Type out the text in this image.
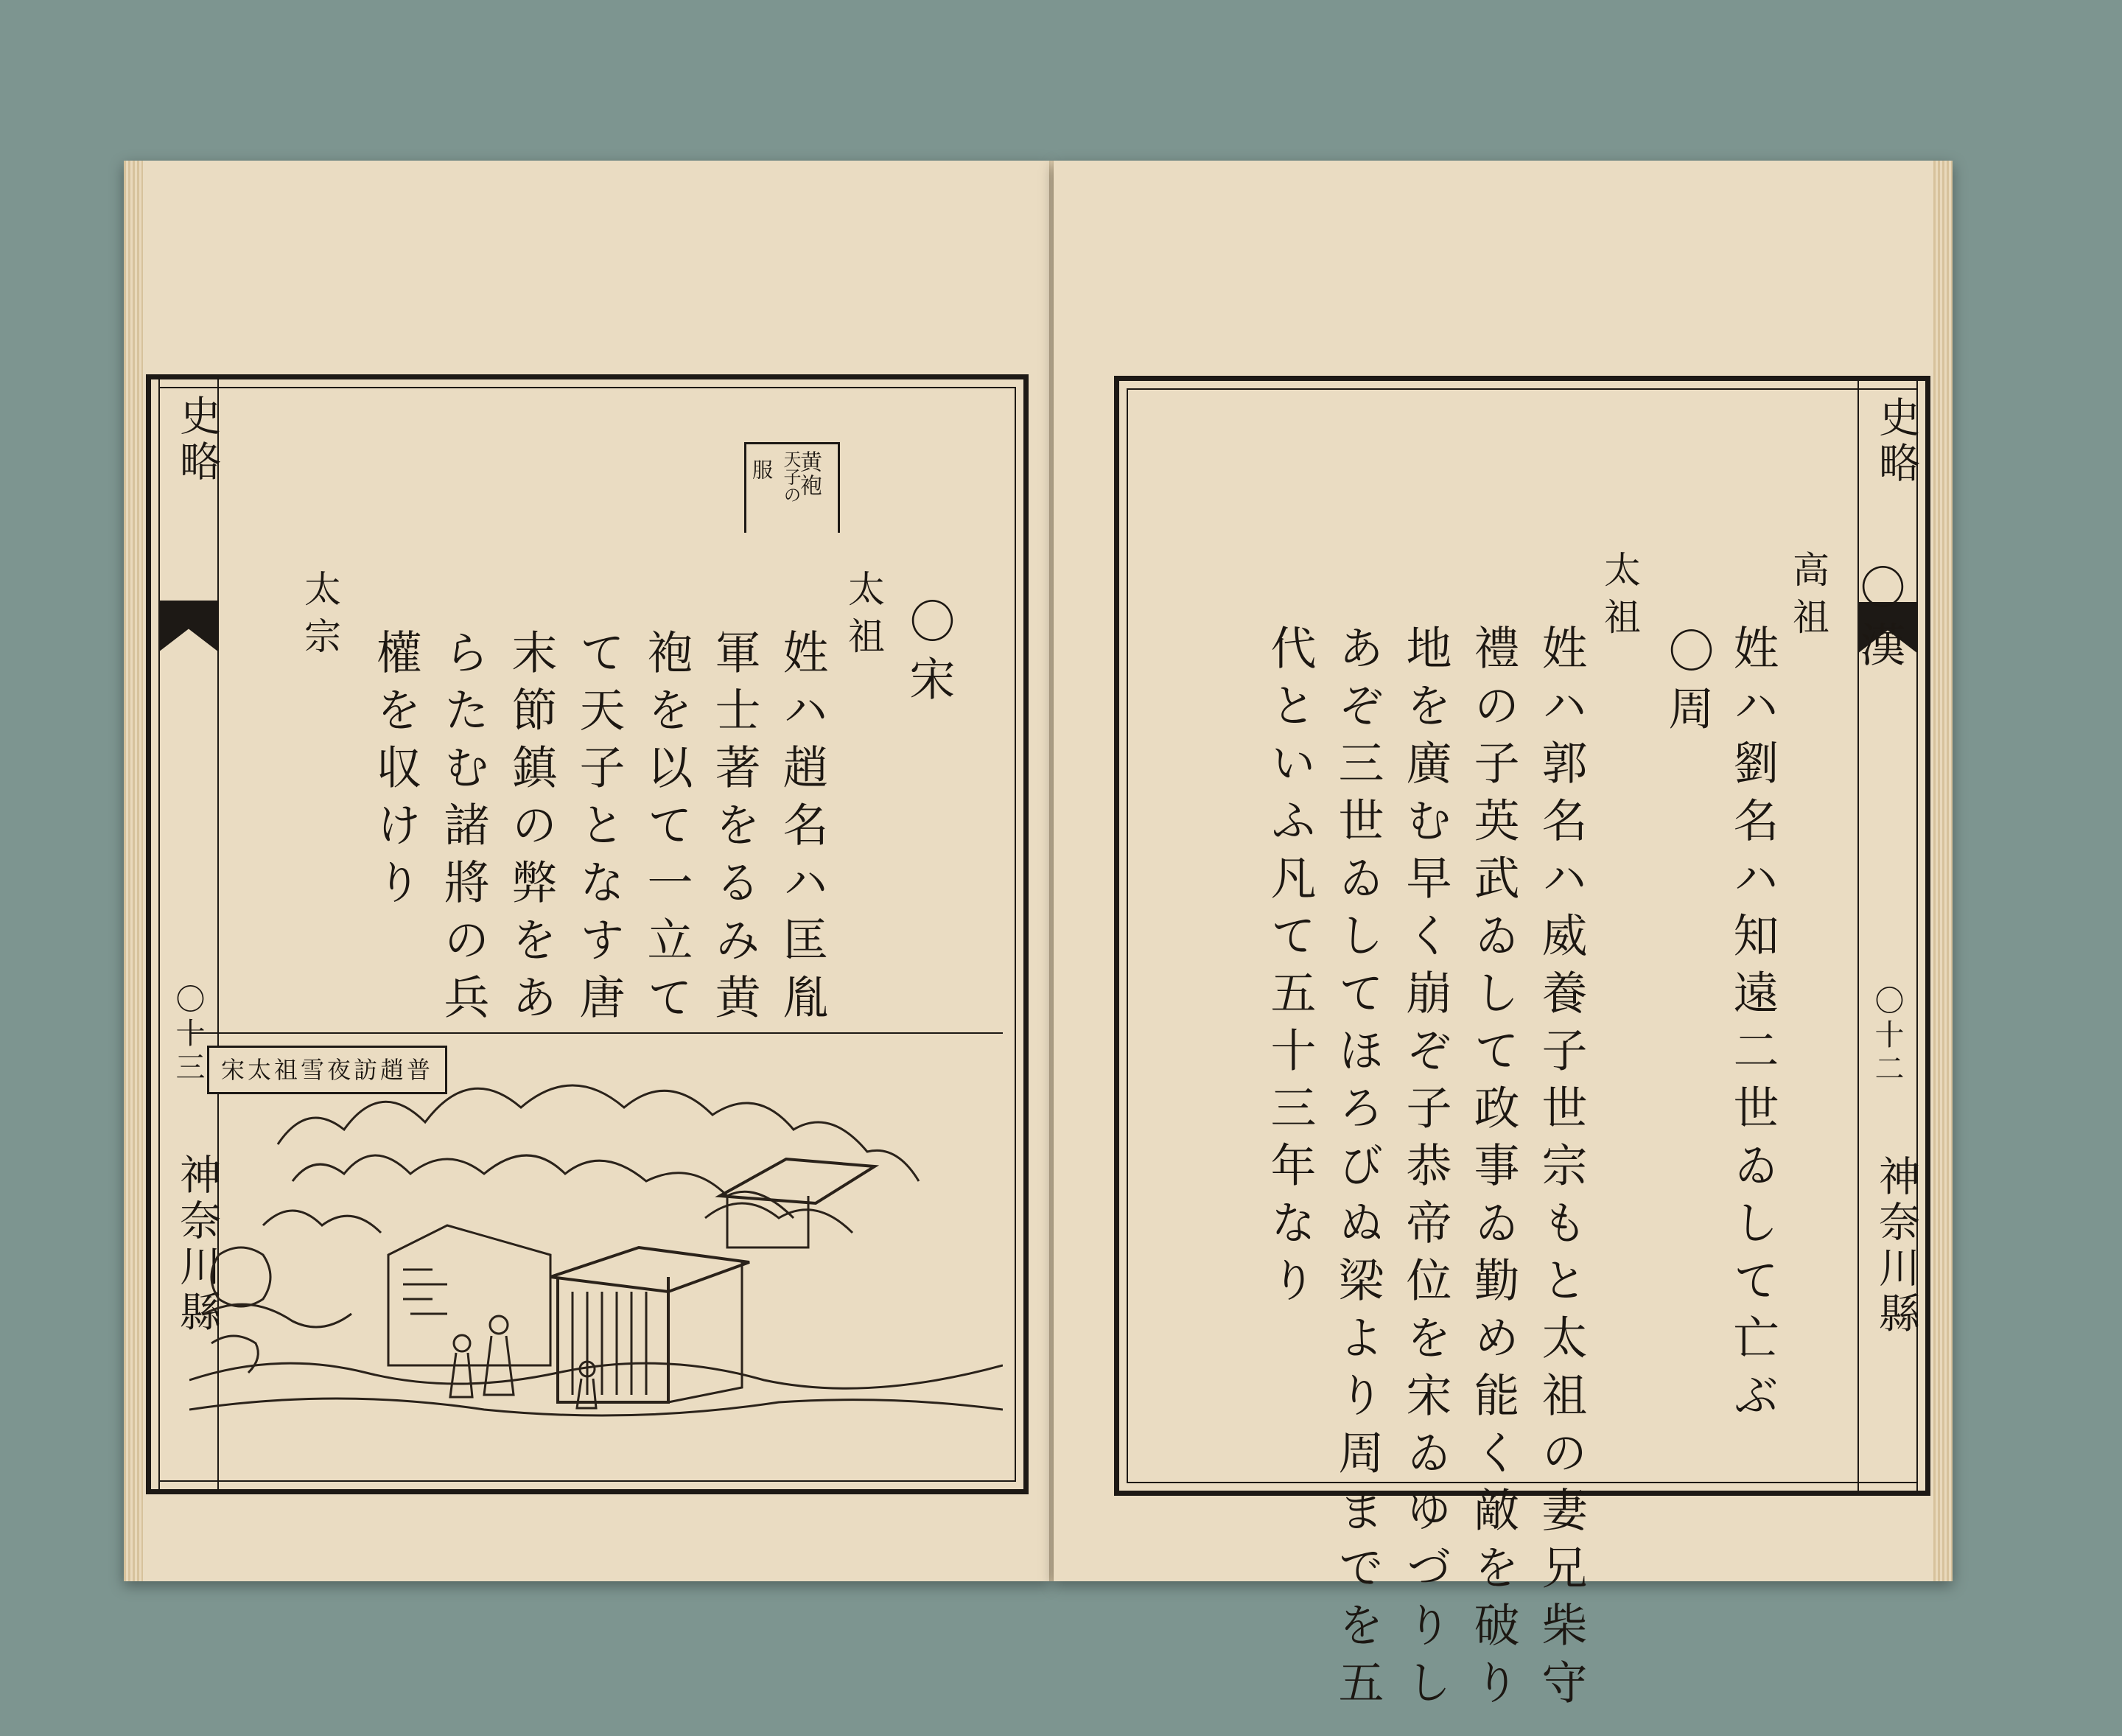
黄袍
天子の
服
史略
〇十三
神奈川縣
〇宋
太祖
姓ハ趙名ハ匡胤
軍士著をるみ黄
袍を以て一立て
て天子となす唐
末節鎮の弊をあ
らたむ諸將の兵
權を収けり
太宗
宋太祖雪夜訪趙普
史略
〇十二
神奈川縣
〇漢
高祖
姓ハ劉名ハ知遠二世ゐして亡ぶ
〇周
太祖
姓ハ郭名ハ威養子世宗もと太祖の妻兄柴守
禮の子英武ゐして政事ゐ勤め能く敵を破り
地を廣む早く崩ぞ子恭帝位を宋ゐゆづりし
あぞ三世ゐしてほろびぬ梁より周までを五
代といふ凡て五十三年なり
